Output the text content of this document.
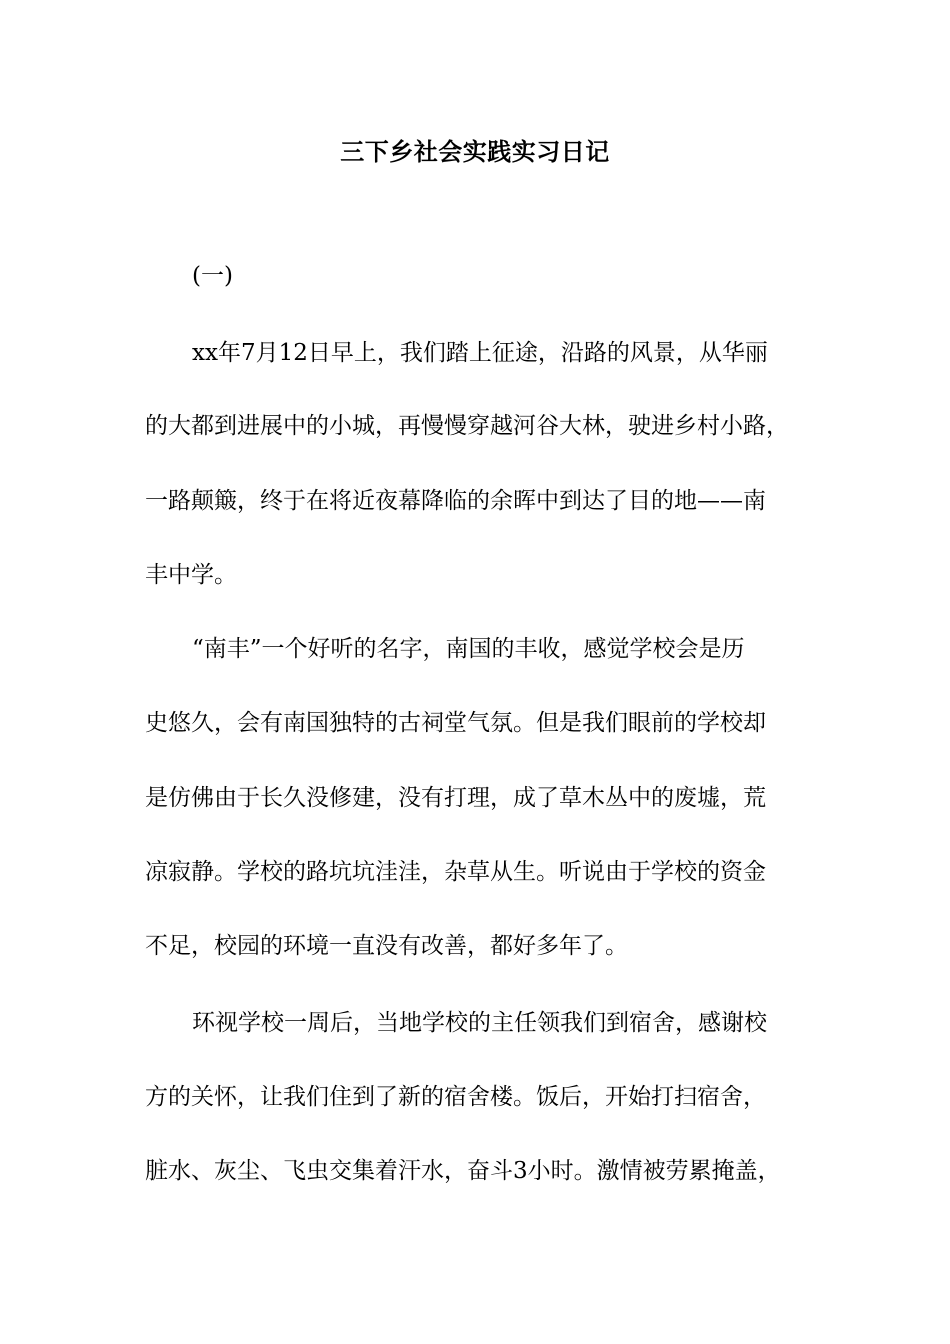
三下乡社会实践实习日记
(一)
xx年7月12日早上，我们踏上征途，沿路的风景，从华丽
的大都到进展中的小城，再慢慢穿越河谷大林，驶进乡村小路，
一路颠簸，终于在将近夜幕降临的余晖中到达了目的地——南
丰中学。
“南丰”一个好听的名字，南国的丰收，感觉学校会是历
史悠久，会有南国独特的古祠堂气氛。但是我们眼前的学校却
是仿佛由于长久没修建，没有打理，成了草木丛中的废墟，荒
凉寂静。学校的路坑坑洼洼，杂草从生。听说由于学校的资金
不足，校园的环境一直没有改善，都好多年了。
环视学校一周后，当地学校的主任领我们到宿舍，感谢校
方的关怀，让我们住到了新的宿舍楼。饭后，开始打扫宿舍，
脏水、灰尘、飞虫交集着汗水，奋斗3小时。激情被劳累掩盖，
